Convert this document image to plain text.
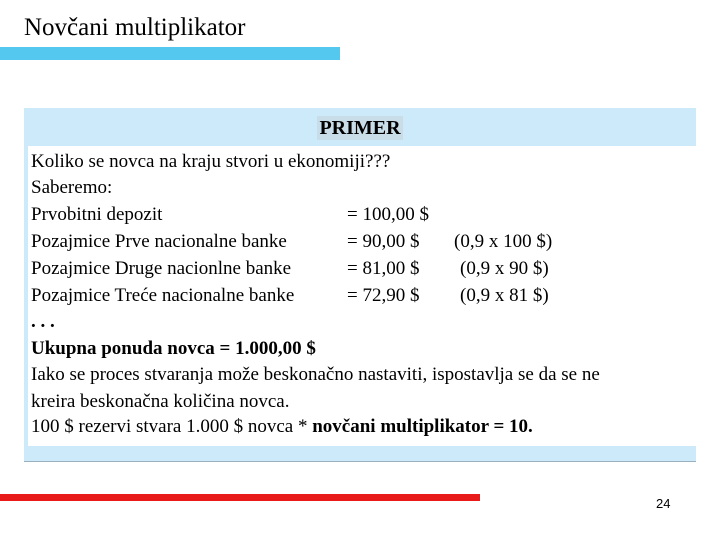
Novčani multiplikator
PRIMER
Koliko se novca na kraju stvori u ekonomiji???
Saberemo:
Prvobitni depozit	= 100,00 $
Pozajmice Prve nacionalne banke	= 90,00 $ (0,9 x 100 $)
Pozajmice Druge nacionlne banke	= 81,00 $ (0,9 x 90 $)
Pozajmice Treće nacionalne banke	= 72,90 $ (0,9 x 81 $)
. . .
Ukupna ponuda novca = 1.000,00 $
Iako se proces stvaranja može beskonačno nastaviti, ispostavlja se da se ne
kreira beskonačna količina novca.
100 $ rezervi stvara 1.000 $ novca * novčani multiplikator = 10.
24
